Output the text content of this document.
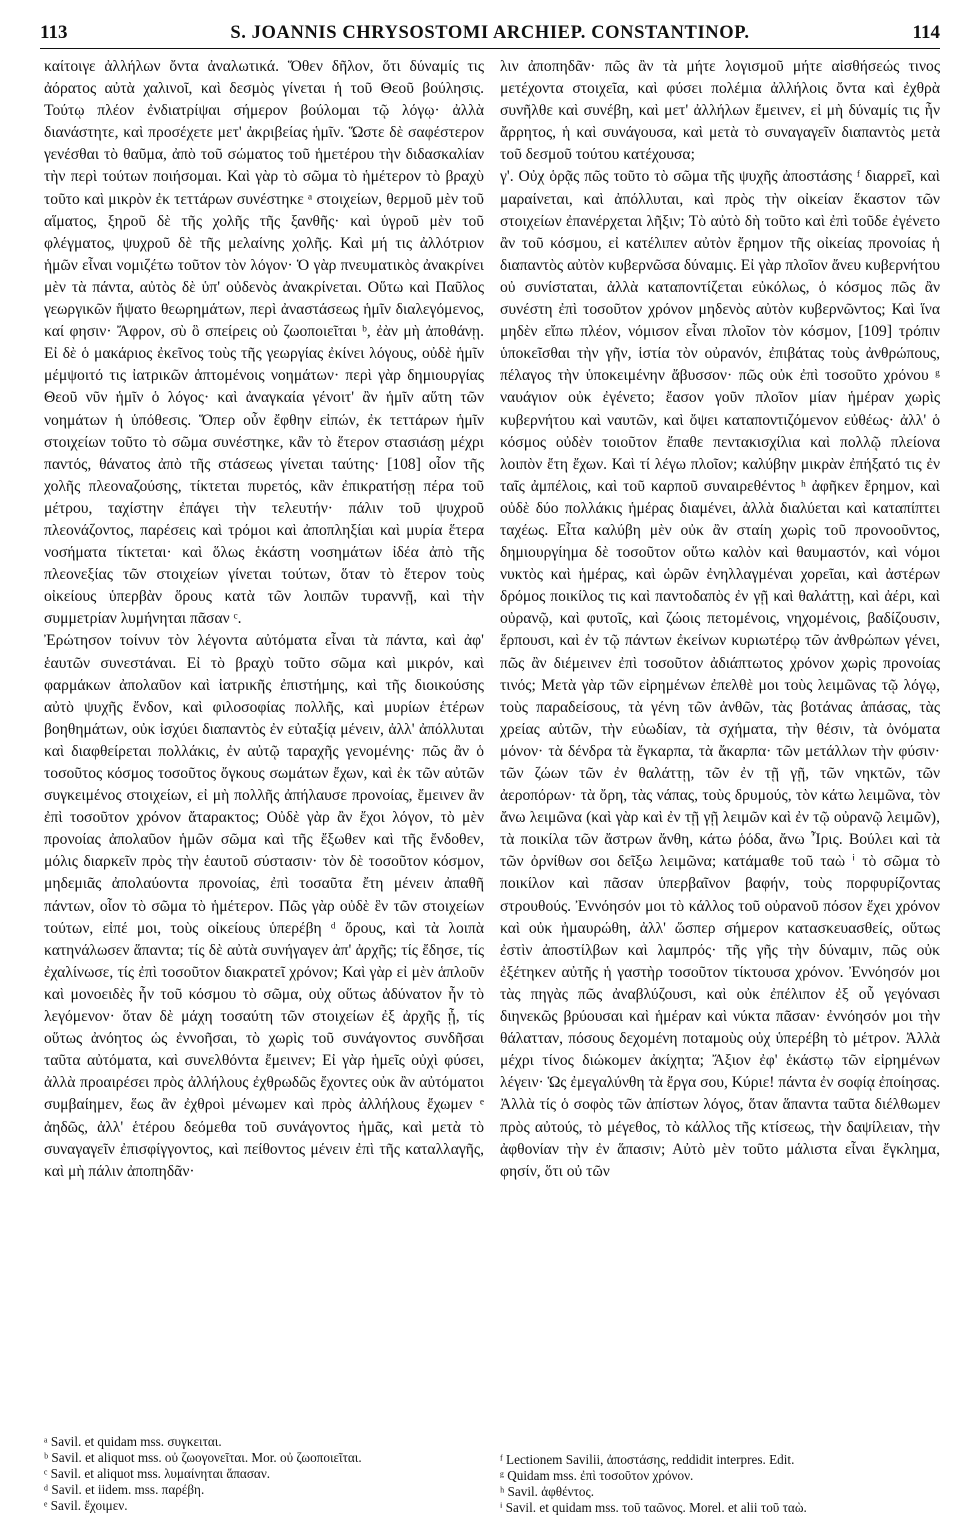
113	S. JOANNIS CHRYSOSTOMI ARCHIEP. CONSTANTINOP.	114

καίτοιγε ἀλλήλων ὄντα ἀναλωτικά. Ὅθεν δῆλον, ὅτι δύναμίς τις ἀόρατος αὐτὰ χαλινοῖ, καὶ δεσμὸς γίνεται ἡ τοῦ Θεοῦ βούλησις. Τούτῳ πλέον ἐνδιατρίψαι σήμερον βούλομαι τῷ λόγῳ· ἀλλὰ διανάστητε, καὶ προσέχετε μετ' ἀκριβείας ἡμῖν. Ὥστε δὲ σαφέστερον γενέσθαι τὸ θαῦμα, ἀπὸ τοῦ σώματος τοῦ ἡμετέρου τὴν διδασκαλίαν τὴν περὶ τούτων ποιήσομαι. Καὶ γὰρ τὸ σῶμα τὸ ἡμέτερον τὸ βραχὺ τοῦτο καὶ μικρὸν ἐκ τεττάρων συνέστηκε ᵃ στοιχείων, θερμοῦ μὲν τοῦ αἵματος, ξηροῦ δὲ τῆς χολῆς τῆς ξανθῆς· καὶ ὑγροῦ μὲν τοῦ φλέγματος, ψυχροῦ δὲ τῆς μελαίνης χολῆς. Καὶ μή τις ἀλλότριον ἡμῶν εἶναι νομιζέτω τοῦτον τὸν λόγον· Ὁ γὰρ πνευματικὸς ἀνακρίνει μὲν τὰ πάντα, αὐτὸς δὲ ὑπ' οὐδενὸς ἀνακρίνεται. Οὕτω καὶ Παῦλος γεωργικῶν ἥψατο θεωρημάτων, περὶ ἀναστάσεως ἡμῖν διαλεγόμενος, καί φησιν· Ἄφρον, σὺ ὃ σπείρεις οὐ ζωοποιεῖται ᵇ, ἐὰν μὴ ἀποθάνῃ. Εἰ δὲ ὁ μακάριος ἐκεῖνος τοὺς τῆς γεωργίας ἐκίνει λόγους, οὐδὲ ἡμῖν μέμψοιτό τις ἰατρικῶν ἁπτομένοις νοημάτων· περὶ γὰρ δημιουργίας Θεοῦ νῦν ἡμῖν ὁ λόγος· καὶ ἀναγκαία γένοιτ' ἂν ἡμῖν αὕτη τῶν νοημάτων ἡ ὑπόθεσις. Ὅπερ οὖν ἔφθην εἰπών, ἐκ τεττάρων ἡμῖν στοιχείων τοῦτο τὸ σῶμα συνέστηκε, κἂν τὸ ἕτερον στασιάσῃ μέχρι παντός, θάνατος ἀπὸ τῆς στάσεως γίνεται ταύτης· [108] οἷον τῆς χολῆς πλεοναζούσης, τίκτεται πυρετός, κἂν ἐπικρατήσῃ πέρα τοῦ μέτρου, ταχίστην ἐπάγει τὴν τελευτήν· πάλιν τοῦ ψυχροῦ πλεονάζοντος, παρέσεις καὶ τρόμοι καὶ ἀποπληξίαι καὶ μυρία ἕτερα νοσήματα τίκτεται· καὶ ὅλως ἑκάστη νοσημάτων ἰδέα ἀπὸ τῆς πλεονεξίας τῶν στοιχείων γίνεται τούτων, ὅταν τὸ ἕτερον τοὺς οἰκείους ὑπερβὰν ὅρους κατὰ τῶν λοιπῶν τυραννῇ, καὶ τὴν συμμετρίαν λυμήνηται πᾶσαν ᶜ.

Ἐρώτησον τοίνυν τὸν λέγοντα αὐτόματα εἶναι τὰ πάντα, καὶ ἀφ' ἑαυτῶν συνεστάναι. Εἰ τὸ βραχὺ τοῦτο σῶμα καὶ μικρόν, καὶ φαρμάκων ἀπολαῦον καὶ ἰατρικῆς ἐπιστήμης, καὶ τῆς διοικούσης αὐτὸ ψυχῆς ἔνδον, καὶ φιλοσοφίας πολλῆς, καὶ μυρίων ἑτέρων βοηθημάτων, οὐκ ἰσχύει διαπαντὸς ἐν εὐταξίᾳ μένειν, ἀλλ' ἀπόλλυται καὶ διαφθείρεται πολλάκις, ἐν αὐτῷ ταραχῆς γενομένης· πῶς ἂν ὁ τοσοῦτος κόσμος τοσοῦτος ὄγκους σωμάτων ἔχων, καὶ ἐκ τῶν αὐτῶν συγκειμένος στοιχείων, εἰ μὴ πολλῆς ἀπήλαυσε προνοίας, ἔμεινεν ἂν ἐπὶ τοσοῦτον χρόνον ἄταρακτος; Οὐδὲ γὰρ ἂν ἔχοι λόγον, τὸ μὲν προνοίας ἀπολαῦον ἡμῶν σῶμα καὶ τῆς ἔξωθεν καὶ τῆς ἔνδοθεν, μόλις διαρκεῖν πρὸς τὴν ἑαυτοῦ σύστασιν· τὸν δὲ τοσοῦτον κόσμον, μηδεμιᾶς ἀπολαύοντα προνοίας, ἐπὶ τοσαῦτα ἔτη μένειν ἀπαθῆ πάντων, οἷον τὸ σῶμα τὸ ἡμέτερον. Πῶς γὰρ οὐδὲ ἓν τῶν στοιχείων τούτων, εἰπέ μοι, τοὺς οἰκείους ὑπερέβη ᵈ ὅρους, καὶ τὰ λοιπὰ κατηνάλωσεν ἅπαντα; τίς δὲ αὐτὰ συνήγαγεν ἀπ' ἀρχῆς; τίς ἔδησε, τίς ἐχαλίνωσε, τίς ἐπὶ τοσοῦτον διακρατεῖ χρόνον; Καὶ γὰρ εἰ μὲν ἁπλοῦν καὶ μονοειδὲς ἦν τοῦ κόσμου τὸ σῶμα, οὐχ οὕτως ἀδύνατον ἦν τὸ λεγόμενον· ὅταν δὲ μάχη τοσαύτη τῶν στοιχείων ἐξ ἀρχῆς ᾖ, τίς οὕτως ἀνόητος ὡς ἐννοῆσαι, τὸ χωρὶς τοῦ συνάγοντος συνδῆσαι ταῦτα αὐτόματα, καὶ συνελθόντα ἔμεινεν; Εἰ γὰρ ἡμεῖς οὐχὶ φύσει, ἀλλὰ προαιρέσει πρὸς ἀλλήλους ἐχθρωδῶς ἔχοντες οὐκ ἂν αὐτόματοι συμβαίημεν, ἕως ἂν ἐχθροὶ μένωμεν καὶ πρὸς ἀλλήλους ἔχωμεν ᵉ ἀηδῶς, ἀλλ' ἑτέρου δεόμεθα τοῦ συνάγοντος ἡμᾶς, καὶ μετὰ τὸ συναγαγεῖν ἐπισφίγγοντος, καὶ πείθοντος μένειν ἐπὶ τῆς καταλλαγῆς, καὶ μὴ πάλιν ἀποπηδᾶν·

λιν ἀποπηδᾶν· πῶς ἂν τὰ μήτε λογισμοῦ μήτε αἰσθήσεώς τινος μετέχοντα στοιχεῖα, καὶ φύσει πολέμια ἀλλήλοις ὄντα καὶ ἐχθρὰ συνῆλθε καὶ συνέβη, καὶ μετ' ἀλλήλων ἔμεινεν, εἰ μὴ δύναμίς τις ἦν ἄρρητος, ἡ καὶ συνάγουσα, καὶ μετὰ τὸ συναγαγεῖν διαπαντὸς μετὰ τοῦ δεσμοῦ τούτου κατέχουσα;

γ'. Οὐχ ὁρᾷς πῶς τοῦτο τὸ σῶμα τῆς ψυχῆς ἀποστάσης ᶠ διαρρεῖ, καὶ μαραίνεται, καὶ ἀπόλλυται, καὶ πρὸς τὴν οἰκείαν ἕκαστον τῶν στοιχείων ἐπανέρχεται λῆξιν; Τὸ αὐτὸ δὴ τοῦτο καὶ ἐπὶ τοῦδε ἐγένετο ἂν τοῦ κόσμου, εἰ κατέλιπεν αὐτὸν ἔρημον τῆς οἰκείας προνοίας ἡ διαπαντὸς αὐτὸν κυβερνῶσα δύναμις. Εἰ γὰρ πλοῖον ἄνευ κυβερνήτου οὐ συνίσταται, ἀλλὰ καταποντίζεται εὐκόλως, ὁ κόσμος πῶς ἂν συνέστη ἐπὶ τοσοῦτον χρόνον μηδενὸς αὐτὸν κυβερνῶντος; Καὶ ἵνα μηδὲν εἴπω πλέον, νόμισον εἶναι πλοῖον τὸν κόσμον, [109] τρόπιν ὑποκεῖσθαι τὴν γῆν, ἱστία τὸν οὐρανόν, ἐπιβάτας τοὺς ἀνθρώπους, πέλαγος τὴν ὑποκειμένην ἄβυσσον· πῶς οὐκ ἐπὶ τοσοῦτο χρόνου ᵍ ναυάγιον οὐκ ἐγένετο; ἔασον γοῦν πλοῖον μίαν ἡμέραν χωρὶς κυβερνήτου καὶ ναυτῶν, καὶ ὄψει καταποντιζόμενον εὐθέως· ἀλλ' ὁ κόσμος οὐδὲν τοιοῦτον ἔπαθε πεντακισχίλια καὶ πολλῷ πλείονα λοιπὸν ἔτη ἔχων. Καὶ τί λέγω πλοῖον; καλύβην μικρὰν ἐπήξατό τις ἐν ταῖς ἀμπέλοις, καὶ τοῦ καρποῦ συναιρεθέντος ʰ ἀφῆκεν ἔρημον, καὶ οὐδὲ δύο πολλάκις ἡμέρας διαμένει, ἀλλὰ διαλύεται καὶ καταπίπτει ταχέως. Εἶτα καλύβη μὲν οὐκ ἂν σταίη χωρὶς τοῦ προνοοῦντος, δημιουργίημα δὲ τοσοῦτον οὕτω καλὸν καὶ θαυμαστόν, καὶ νόμοι νυκτὸς καὶ ἡμέρας, καὶ ὡρῶν ἐνηλλαγμέναι χορεῖαι, καὶ ἀστέρων δρόμος ποικίλος τις καὶ παντοδαπὸς ἐν γῇ καὶ θαλάττῃ, καὶ ἀέρι, καὶ οὐρανῷ, καὶ φυτοῖς, καὶ ζώοις πετομένοις, νηχομένοις, βαδίζουσιν, ἕρπουσι, καὶ ἐν τῷ πάντων ἐκείνων κυριωτέρῳ τῶν ἀνθρώπων γένει, πῶς ἂν διέμεινεν ἐπὶ τοσοῦτον ἀδιάπτωτος χρόνον χωρὶς προνοίας τινός; Μετὰ γὰρ τῶν εἰρημένων ἐπελθὲ μοι τοὺς λειμῶνας τῷ λόγῳ, τοὺς παραδείσους, τὰ γένη τῶν ἀνθῶν, τὰς βοτάνας ἁπάσας, τὰς χρείας αὐτῶν, τὴν εὐωδίαν, τὰ σχήματα, τὴν θέσιν, τὰ ὀνόματα μόνον· τὰ δένδρα τὰ ἔγκαρπα, τὰ ἄκαρπα· τῶν μετάλλων τὴν φύσιν· τῶν ζώων τῶν ἐν θαλάττῃ, τῶν ἐν τῇ γῇ, τῶν νηκτῶν, τῶν ἀεροπόρων· τὰ ὄρη, τὰς νάπας, τοὺς δρυμούς, τὸν κάτω λειμῶνα, τὸν ἄνω λειμῶνα (καὶ γὰρ καὶ ἐν τῇ γῇ λειμῶν καὶ ἐν τῷ οὐρανῷ λειμῶν), τὰ ποικίλα τῶν ἄστρων ἄνθη, κάτω ῥόδα, ἄνω Ἶρις. Βούλει καὶ τὰ τῶν ὀρνίθων σοι δεῖξω λειμῶνα; κατάμαθε τοῦ ταὼ ⁱ τὸ σῶμα τὸ ποικίλον καὶ πᾶσαν ὑπερβαῖνον βαφήν, τοὺς πορφυρίζοντας στρουθούς. Ἐννόησόν μοι τὸ κάλλος τοῦ οὐρανοῦ πόσον ἔχει χρόνον καὶ οὐκ ἠμαυρώθη, ἀλλ' ὥσπερ σήμερον κατασκευασθείς, οὕτως ἐστὶν ἀποστίλβων καὶ λαμπρός· τῆς γῆς τὴν δύναμιν, πῶς οὐκ ἐξέτηκεν αὐτῆς ἡ γαστὴρ τοσοῦτον τίκτουσα χρόνον. Ἐννόησόν μοι τὰς πηγὰς πῶς ἀναβλύζουσι, καὶ οὐκ ἐπέλιπον ἐξ οὗ γεγόνασι διηνεκῶς βρύουσαι καὶ ἡμέραν καὶ νύκτα πᾶσαν· ἐννόησόν μοι τὴν θάλατταν, πόσους δεχομένη ποταμοὺς οὐχ ὑπερέβη τὸ μέτρον. Ἀλλὰ μέχρι τίνος διώκομεν ἀκίχητα; Ἄξιον ἐφ' ἑκάστῳ τῶν εἰρημένων λέγειν· Ὡς ἐμεγαλύνθη τὰ ἔργα σου, Κύριε! πάντα ἐν σοφίᾳ ἐποίησας. Ἀλλὰ τίς ὁ σοφὸς τῶν ἀπίστων λόγος, ὅταν ἅπαντα ταῦτα διέλθωμεν πρὸς αὐτούς, τὸ μέγεθος, τὸ κάλλος τῆς κτίσεως, τὴν δαψίλειαν, τὴν ἀφθονίαν τὴν ἐν ἅπασιν; Αὐτὸ μὲν τοῦτο μάλιστα εἶναι ἔγκλημα, φησίν, ὅτι οὐ τῶν

ᵃ Savil. et quidam mss. συγκειται.
ᵇ Savil. et aliquot mss. οὐ ζωογονεῖται. Mor. οὐ ζωοποιεῖται.
ᶜ Savil. et aliquot mss. λυμαίνηται ἅπασαν.
ᵈ Savil. et iidem. mss. παρέβη.
ᵉ Savil. ἔχοιμεν.
ᶠ Lectionem Savilii, ἀποστάσης, reddidit interpres. Edit.
ᵍ Quidam mss. ἐπὶ τοσοῦτον χρόνον.
ʰ Savil. ἀφθέντος.
ⁱ Savil. et quidam mss. τοῦ ταῶνος. Morel. et alii τοῦ ταὼ.
